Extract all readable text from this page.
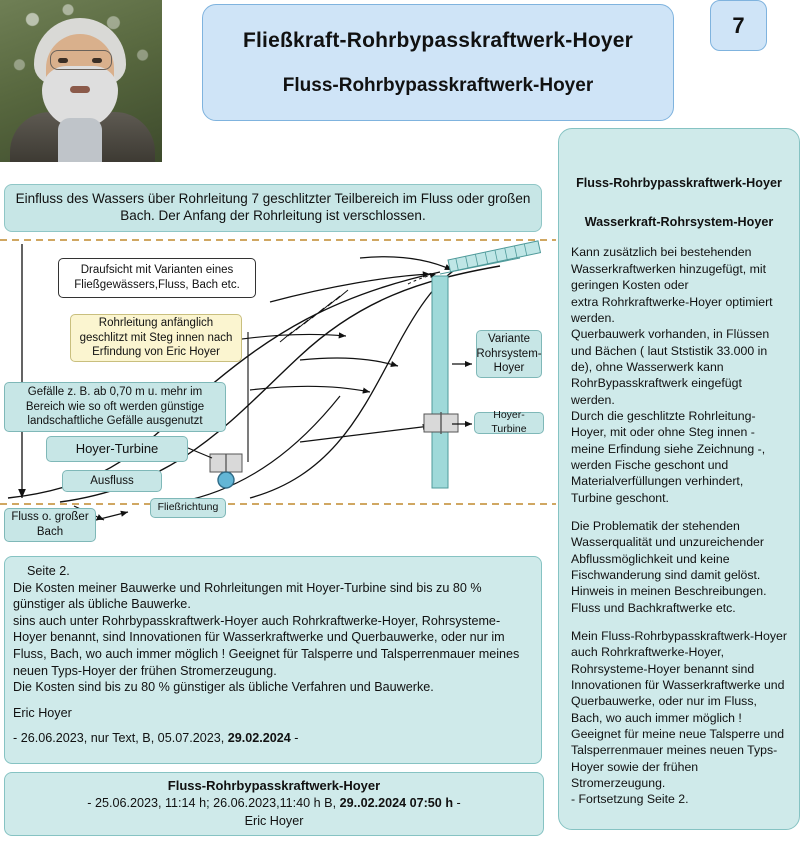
Fließkraft-Rohrbypasskraftwerk-Hoyer
Fluss-Rohrbypasskraftwerk-Hoyer
7
Einfluss des Wassers über Rohrleitung 7 geschlitzter Teilbereich im Fluss oder großen Bach. Der Anfang der Rohrleitung ist verschlossen.
Draufsicht mit Varianten eines Fließgewässers,Fluss, Bach etc.
Rohrleitung anfänglich geschlitzt mit Steg innen nach Erfindung von Eric Hoyer
Gefälle z. B. ab 0,70 m u. mehr im Bereich wie so oft werden günstige landschaftliche Gefälle ausgenutzt
Hoyer-Turbine
Ausfluss
Fluss o. großer Bach
Fließrichtung
Variante Rohrsystem-Hoyer
Hoyer-Turbine
Fluss-Rohrbypasskraftwerk-Hoyer
Wasserkraft-Rohrsystem-Hoyer

Kann zusätzlich bei bestehenden Wasserkraftwerken hinzugefügt, mit geringen Kosten oder

extra Rohrkraftwerke-Hoyer optimiert werden.

Querbauwerk vorhanden, in Flüssen und Bächen ( laut Ststistik 33.000 in de), ohne Wasserwerk kann RohrBypasskraftwerk eingefügt werden.

Durch die geschlitzte Rohrleitung-Hoyer, mit oder ohne Steg innen - meine Erfindung siehe Zeichnung -, werden Fische geschont und Materialverfüllungen verhindert, Turbine geschont.

Die Problematik der stehenden Wasserqualität und unzureichender Abflussmöglichkeit und keine Fischwanderung sind damit gelöst. Hinweis in meinen Beschreibungen. Fluss und Bachkraftwerke etc.

Mein Fluss-Rohrbypasskraftwerk-Hoyer auch Rohrkraftwerke-Hoyer, Rohrsysteme-Hoyer benannt sind Innovationen für Wasserkraftwerke und Querbauwerke, oder nur im Fluss, Bach, wo auch immer möglich !

Geeignet für meine neue Talsperre und Talsperrenmauer meines neuen Typs-Hoyer sowie der frühen Stromerzeugung.

- Fortsetzung Seite 2.

Seite 2.

Die Kosten meiner Bauwerke und Rohrleitungen mit Hoyer-Turbine sind bis zu 80 % günstiger als übliche Bauwerke.

sins auch unter Rohrbypasskraftwerk-Hoyer auch Rohrkraftwerke-Hoyer, Rohrsysteme-Hoyer benannt, sind Innovationen für Wasserkraftwerke und Querbauwerke, oder nur im Fluss, Bach, wo auch immer möglich ! Geeignet für Talsperre und Talsperrenmauer meines neuen Typs-Hoyer der frühen Stromerzeugung.

Die Kosten sind bis zu 80 % günstiger als übliche Verfahren und Bauwerke.

Eric Hoyer

- 26.06.2023, nur Text, B, 05.07.2023, 29.02.2024 -

Fluss-Rohrbypasskraftwerk-Hoyer
- 25.06.2023, 11:14 h; 26.06.2023,11:40 h B, 29..02.2024 07:50 h -
Eric Hoyer
